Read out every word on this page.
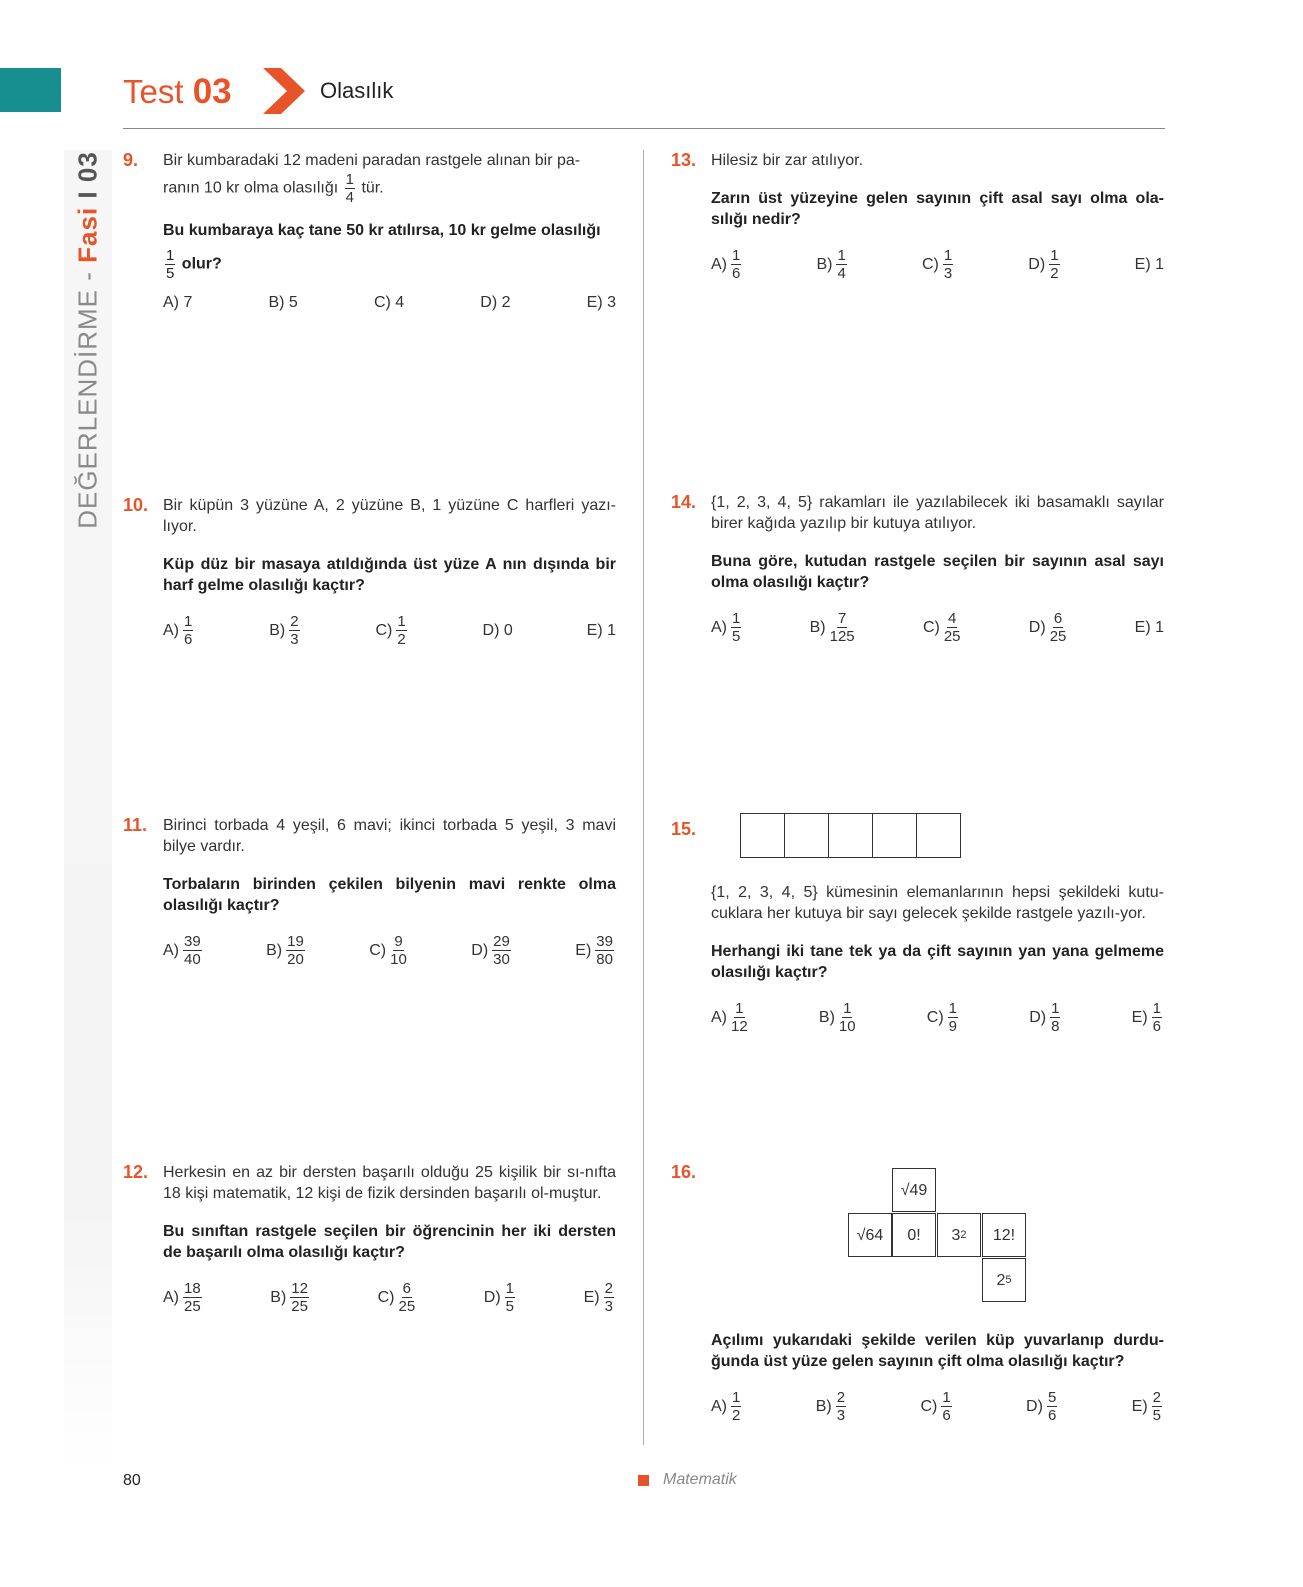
DEĞERLENDİRME - Fasi I 03
Test 03	Olasılık
9. Bir kumbaradaki 12 madeni paradan rastgele alınan bir pa-

ranın 10 kr olma olasılığı $\frac{1}{4}$ tür.

Bu kumbaraya kaç tane 50 kr atılırsa, 10 kr gelme olasılığı

$\frac{1}{5}$ olur?

A) 7	B) 5	C) 4	D) 2	E) 3
10. Bir küpün 3 yüzüne A, 2 yüzüne B, 1 yüzüne C harfleri yazı-lıyor.

Küp düz bir masaya atıldığında üst yüze A nın dışında bir harf gelme olasılığı kaçtır?

$A) \frac{1}{6}$	$B) \frac{2}{3}$	$C) \frac{1}{2}$	D) 0	E) 1
11. Birinci torbada 4 yeşil, 6 mavi; ikinci torbada 5 yeşil, 3 mavi bilye vardır.

Torbaların birinden çekilen bilyenin mavi renkte olma olasılığı kaçtır?

$A) \frac{39}{40}$	$B) \frac{19}{20}$	$C) \frac{9}{10}$	$D) \frac{29}{30}$	$E) \frac{39}{80}$
12. Herkesin en az bir dersten başarılı olduğu 25 kişilik bir sı-nıfta 18 kişi matematik, 12 kişi de fizik dersinden başarılı ol-muştur.

Bu sınıftan rastgele seçilen bir öğrencinin her iki dersten de başarılı olma olasılığı kaçtır?

$A) \frac{18}{25}$	$B) \frac{12}{25}$	$C) \frac{6}{25}$	$D) \frac{1}{5}$	$E) \frac{2}{3}$
13. Hilesiz bir zar atılıyor.

Zarın üst yüzeyine gelen sayının çift asal sayı olma ola-sılığı nedir?

$A) \frac{1}{6}$	$B) \frac{1}{4}$	$C) \frac{1}{3}$	$D) \frac{1}{2}$	E) 1
14. {1, 2, 3, 4, 5} rakamları ile yazılabilecek iki basamaklı sayılar birer kağıda yazılıp bir kutuya atılıyor.

Buna göre, kutudan rastgele seçilen bir sayının asal sayı olma olasılığı kaçtır?

$A) \frac{1}{5}$	$B) \frac{7}{125}$	$C) \frac{4}{25}$	$D) \frac{6}{25}$	E) 1
15.

{1, 2, 3, 4, 5} kümesinin elemanlarının hepsi şekildeki kutu-cuklara her kutuya bir sayı gelecek şekilde rastgele yazılı-yor.

Herhangi iki tane tek ya da çift sayının yan yana gelmeme olasılığı kaçtır?

$A) \frac{1}{12}$	$B) \frac{1}{10}$	$C) \frac{1}{9}$	$D) \frac{1}{8}$	$E) \frac{1}{6}$
16.
√49
√64	0!	3 2	12!
2 5

Açılımı yukarıdaki şekilde verilen küp yuvarlanıp durdu-ğunda üst yüze gelen sayının çift olma olasılığı kaçtır?

$A) \frac{1}{2}$	$B) \frac{2}{3}$	$C) \frac{1}{6}$	$D) \frac{5}{6}$	$E) \frac{2}{5}$
80	Matematik
